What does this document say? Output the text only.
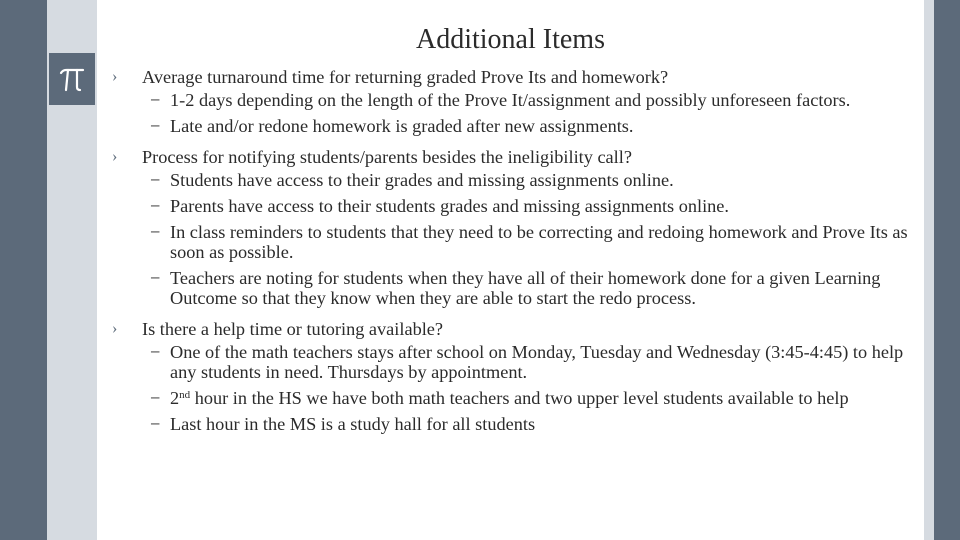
Additional Items
› Average turnaround time for returning graded Prove Its and homework?
− 1-2 days depending on the length of the Prove It/assignment and possibly unforeseen factors.
− Late and/or redone homework is graded after new assignments.
› Process for notifying students/parents besides the ineligibility call?
− Students have access to their grades and missing assignments online.
− Parents have access to their students grades and missing assignments online.
− In class reminders to students that they need to be correcting and redoing homework and Prove Its as soon as possible.
− Teachers are noting for students when they have all of their homework done for a given Learning Outcome so that they know when they are able to start the redo process.
› Is there a help time or tutoring available?
− One of the math teachers stays after school on Monday, Tuesday and Wednesday (3:45-4:45) to help any students in need. Thursdays by appointment.
− 2nd hour in the HS we have both math teachers and two upper level students available to help
− Last hour in the MS is a study hall for all students
